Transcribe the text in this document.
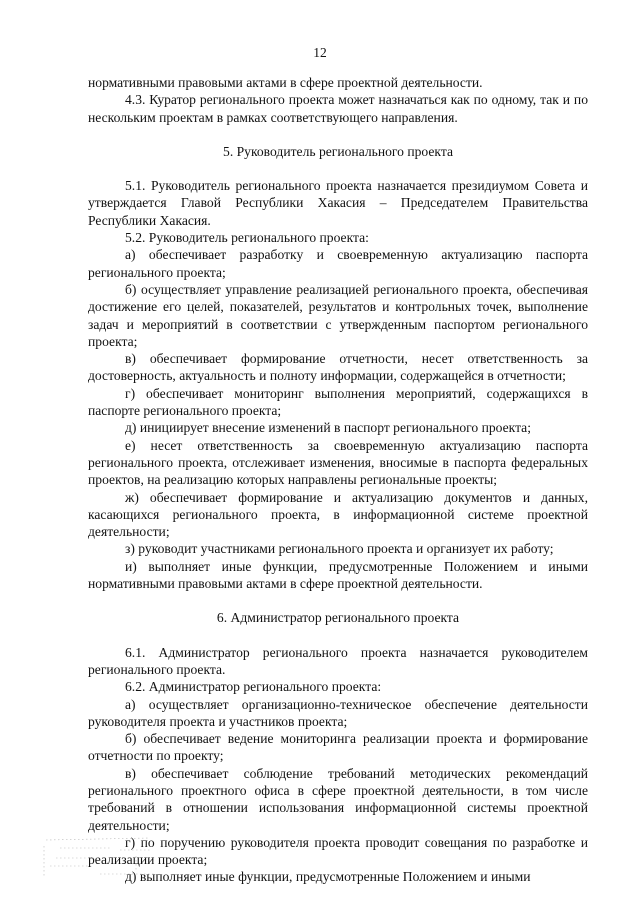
12

нормативными правовыми актами в сфере проектной деятельности.

4.3. Куратор регионального проекта может назначаться как по одному, так и по нескольким проектам в рамках соответствующего направления.

5. Руководитель регионального проекта

5.1. Руководитель регионального проекта назначается президиумом Совета и утверждается Главой Республики Хакасия – Председателем Правительства Республики Хакасия.

5.2. Руководитель регионального проекта:

а) обеспечивает разработку и своевременную актуализацию паспорта регионального проекта;

б) осуществляет управление реализацией регионального проекта, обеспечивая достижение его целей, показателей, результатов и контрольных точек, выполнение задач и мероприятий в соответствии с утвержденным паспортом регионального проекта;

в) обеспечивает формирование отчетности, несет ответственность за достоверность, актуальность и полноту информации, содержащейся в отчетности;

г) обеспечивает мониторинг выполнения мероприятий, содержащихся в паспорте регионального проекта;

д) инициирует внесение изменений в паспорт регионального проекта;

е) несет ответственность за своевременную актуализацию паспорта регионального проекта, отслеживает изменения, вносимые в паспорта федеральных проектов, на реализацию которых направлены региональные проекты;

ж) обеспечивает формирование и актуализацию документов и данных, касающихся регионального проекта, в информационной системе проектной деятельности;

з) руководит участниками регионального проекта и организует их работу;

и) выполняет иные функции, предусмотренные Положением и иными нормативными правовыми актами в сфере проектной деятельности.

6. Администратор регионального проекта

6.1. Администратор регионального проекта назначается руководителем регионального проекта.

6.2. Администратор регионального проекта:

а) осуществляет организационно-техническое обеспечение деятельности руководителя проекта и участников проекта;

б) обеспечивает ведение мониторинга реализации проекта и формирование отчетности по проекту;

в) обеспечивает соблюдение требований методических рекомендаций регионального проектного офиса в сфере проектной деятельности, в том числе требований в отношении использования информационной системы проектной деятельности;

г) по поручению руководителя проекта проводит совещания по разработке и реализации проекта;

д) выполняет иные функции, предусмотренные Положением и иными
